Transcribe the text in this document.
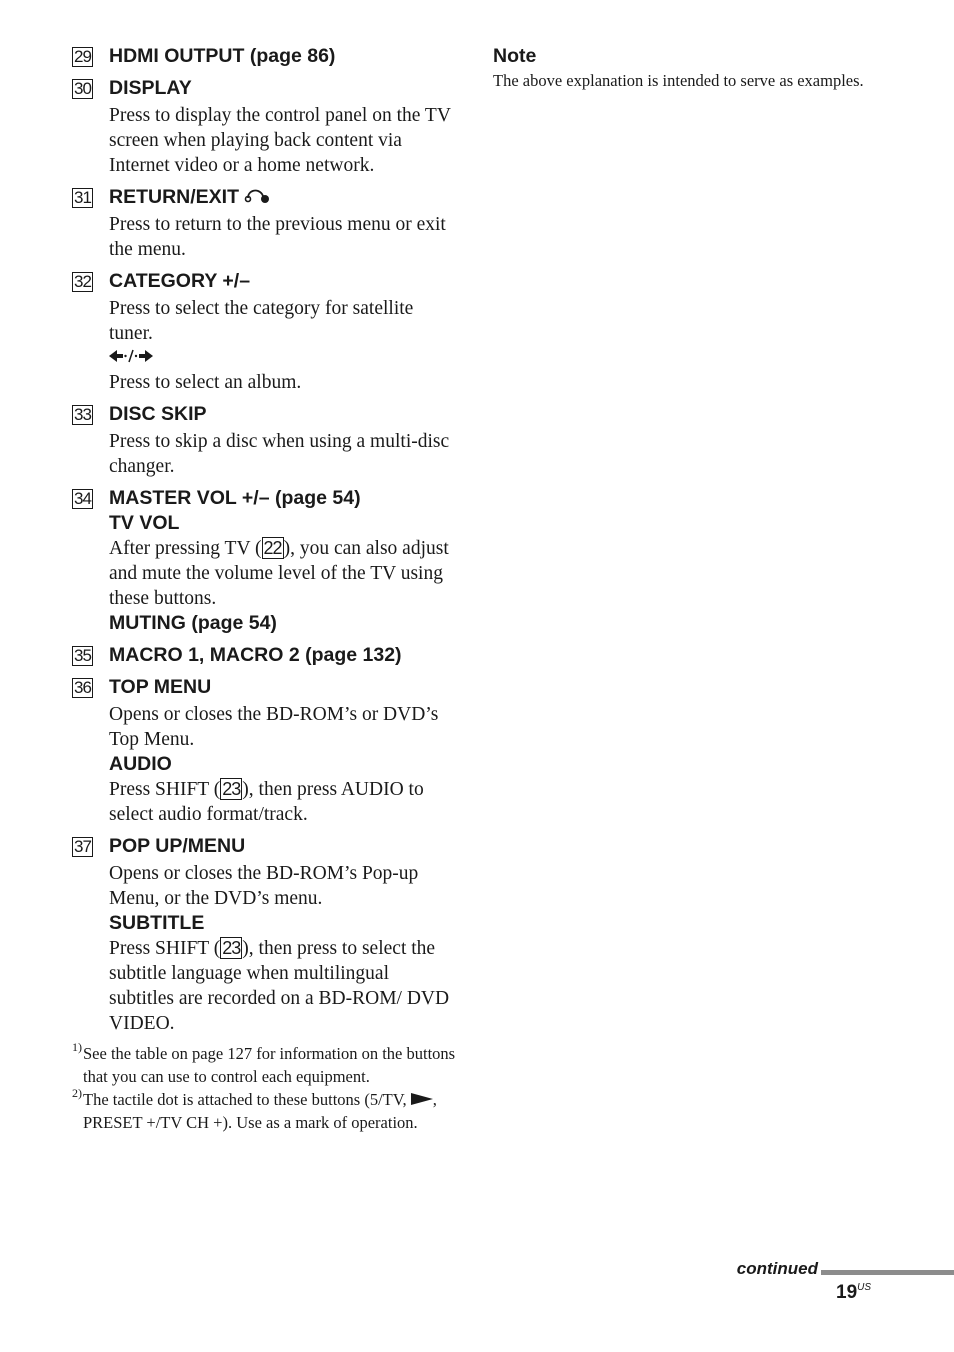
29 HDMI OUTPUT (page 86)

30 DISPLAY

Press to display the control panel on the TV screen when playing back content via Internet video or a home network.

31 RETURN/EXIT

Press to return to the previous menu or exit the menu.

32 CATEGORY +/–

Press to select the category for satellite tuner.

Press to select an album.

33 DISC SKIP

Press to skip a disc when using a multi-disc changer.

34 MASTER VOL +/– (page 54)

TV VOL

After pressing TV ( 22 ), you can also adjust and mute the volume level of the TV using these buttons.

MUTING (page 54)

35 MACRO 1, MACRO 2 (page 132)

36 TOP MENU

Opens or closes the BD-ROM’s or DVD’s Top Menu.

AUDIO

Press SHIFT ( 23 ), then press AUDIO to select audio format/track.

37 POP UP/MENU

Opens or closes the BD-ROM’s Pop-up Menu, or the DVD’s menu.

SUBTITLE

Press SHIFT ( 23 ), then press to select the subtitle language when multilingual subtitles are recorded on a BD-ROM/ DVD VIDEO.

1) See the table on page 127 for information on the buttons that you can use to control each equipment.
2) The tactile dot is attached to these buttons (5/TV, , PRESET +/TV CH +). Use as a mark of operation.

Note

The above explanation is intended to serve as examples.

continued
$19^{US}$
